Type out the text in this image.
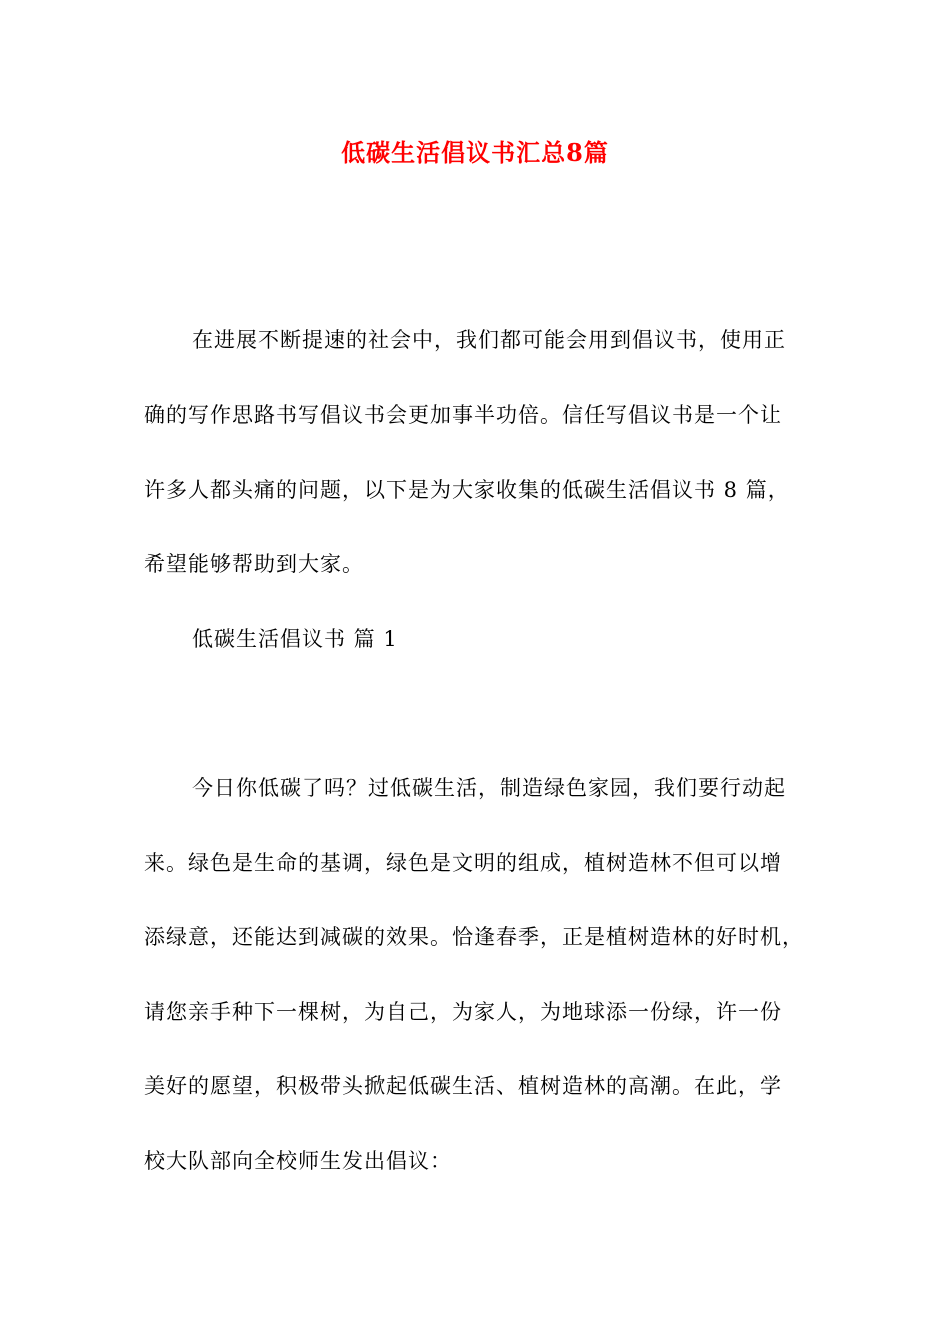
低碳生活倡议书汇总8篇
在进展不断提速的社会中，我们都可能会用到倡议书，使用正
确的写作思路书写倡议书会更加事半功倍。信任写倡议书是一个让
许多人都头痛的问题，以下是为大家收集的低碳生活倡议书 8 篇，
希望能够帮助到大家。
低碳生活倡议书 篇 1
今日你低碳了吗？过低碳生活，制造绿色家园，我们要行动起
来。绿色是生命的基调，绿色是文明的组成，植树造林不但可以增
添绿意，还能达到减碳的效果。恰逢春季，正是植树造林的好时机，
请您亲手种下一棵树，为自己，为家人，为地球添一份绿，许一份
美好的愿望，积极带头掀起低碳生活、植树造林的高潮。在此，学
校大队部向全校师生发出倡议：
